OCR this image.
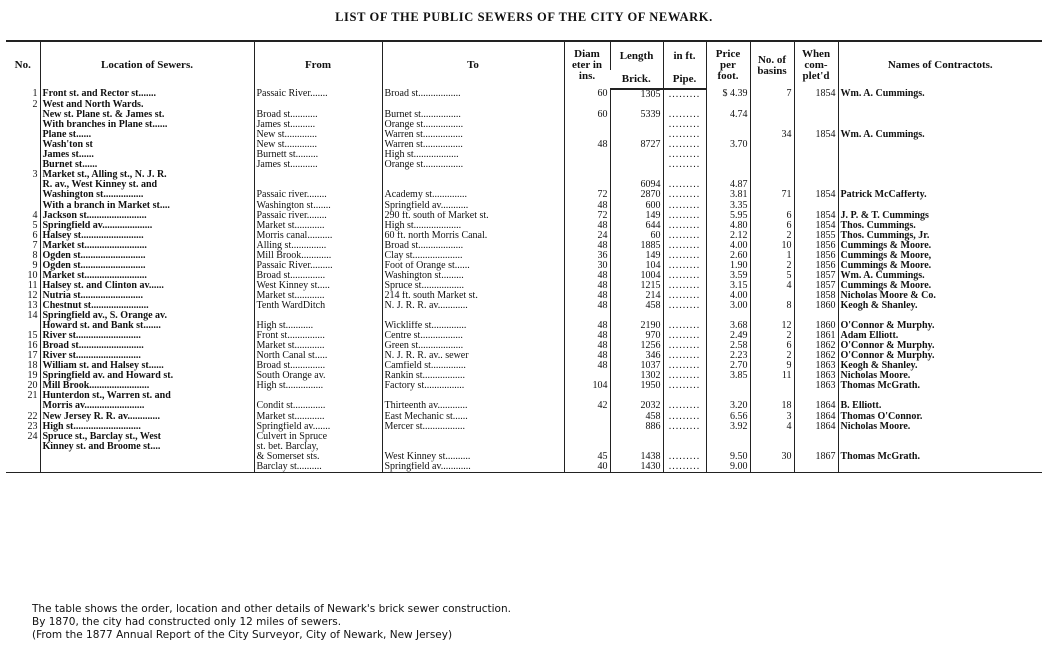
LIST OF THE PUBLIC SEWERS OF THE CITY OF NEWARK.
No.	Location of Sewers.	From	To	Diam eter in ins.	Length	in ft.	Price per foot.	No. of basins	When com- plet'd	Names of Contractots.
					Brick.	Pipe.				
1	Front st. and Rector st.......	Passaic River.......	Broad st.................	60	1305	.........	$ 4.39	7	1854	Wm. A. Cummings.
2	West and North Wards.									
	New st. Plane st. & James st.	Broad st...........	Burnet st................	60	5339	.........	4.74			
	With branches in Plane st......	James st..........	Orange st................			.........				
	Plane st......	New st.............	Warren st................			.........		34	1854	Wm. A. Cummings.
	Wash'ton st	New st.............	Warren st................	48	8727	.........	3.70			
	James st......	Burnett st.........	High st..................			.........				
	Burnet st......	James st...........	Orange st................			.........				
3	Market st., Alling st., N. J. R.									
	R. av., West Kinney st. and				6094	.........	4.87			
	Washington st................	Passaic river........	Academy st..............	72	2870	.........	3.81	71	1854	Patrick McCafferty.
	With a branch in Market st....	Washington st.......	Springfield av...........	48	600	.........	3.35			
4	Jackson st........................	Passaic river........	290 ft. south of Market st.	72	149	.........	5.95	6	1854	J. P. & T. Cummings
5	Springfield av....................	Market st............	High st...................	48	644	.........	4.80	6	1854	Thos. Cummings.
6	Halsey st.........................	Morris canal..........	60 ft. north Morris Canal.	24	60	.........	2.12	2	1855	Thos. Cummings, Jr.
7	Market st.........................	Alling st..............	Broad st..................	48	1885	.........	4.00	10	1856	Cummings & Moore.
8	Ogden st..........................	Mill Brook............	Clay st....................	36	149	.........	2.60	1	1856	Cummings & Moore,
9	Ogden st..........................	Passaic River.........	Foot of Orange st......	30	104	.........	1.90	2	1856	Cummings & Moore.
10	Market st.........................	Broad st..............	Washington st.........	48	1004	.........	3.59	5	1857	Wm. A. Cummings.
11	Halsey st. and Clinton av......	West Kinney st.....	Spruce st.................	48	1215	.........	3.15	4	1857	Cummings & Moore.
12	Nutria st.........................	Market st............	214 ft. south Market st.	48	214	.........	4.00		1858	Nicholas Moore & Co.
13	Chestnut st.......................	Tenth WardDitch	N. J. R. R. av............	48	458	.........	3.00	8	1860	Keogh & Shanley.
14	Springfield av., S. Orange av.									
	Howard st. and Bank st.......	High st...........	Wickliffe st..............	48	2190	.........	3.68	12	1860	O'Connor & Murphy.
15	River st..........................	Front st...............	Centre st.................	48	970	.........	2.49	2	1861	Adam Elliott.
16	Broad st..........................	Market st............	Green st..................	48	1256	.........	2.58	6	1862	O'Connor & Murphy.
17	River st..........................	North Canal st.....	N. J. R. R. av.. sewer	48	346	.........	2.23	2	1862	O'Connor & Murphy.
18	William st. and Halsey st......	Broad st..............	Camfield st..............	48	1037	.........	2.70	9	1863	Keogh & Shanley.
19	Springfield av. and Howard st.	South Orange av.	Rankin st.................		1302	.........	3.85	11	1863	Nicholas Moore.
20	Mill Brook........................	High st...............	Factory st................	104	1950	.........			1863	Thomas McGrath.
21	Hunterdon st., Warren st. and									
	Morris av........................	Condit st.............	Thirteenth av............	42	2032	.........	3.20	18	1864	B. Elliott.
22	New Jersey R. R. av.............	Market st............	East Mechanic st......		458	.........	6.56	3	1864	Thomas O'Connor.
23	High st...........................	Springfield av.......	Mercer st.................		886	.........	3.92	4	1864	Nicholas Moore.
24	Spruce st., Barclay st., West	Culvert in Spruce								
	Kinney st. and Broome st....	st. bet. Barclay,								
		& Somerset sts.	West Kinney st..........	45	1438	.........	9.50	30	1867	Thomas McGrath.
		Barclay st..........	Springfield av............	40	1430	.........	9.00			
The table shows the order, location and other details of Newark's brick sewer construction.
By 1870, the city had constructed only 12 miles of sewers.
(From the 1877 Annual Report of the City Surveyor, City of Newark, New Jersey)
